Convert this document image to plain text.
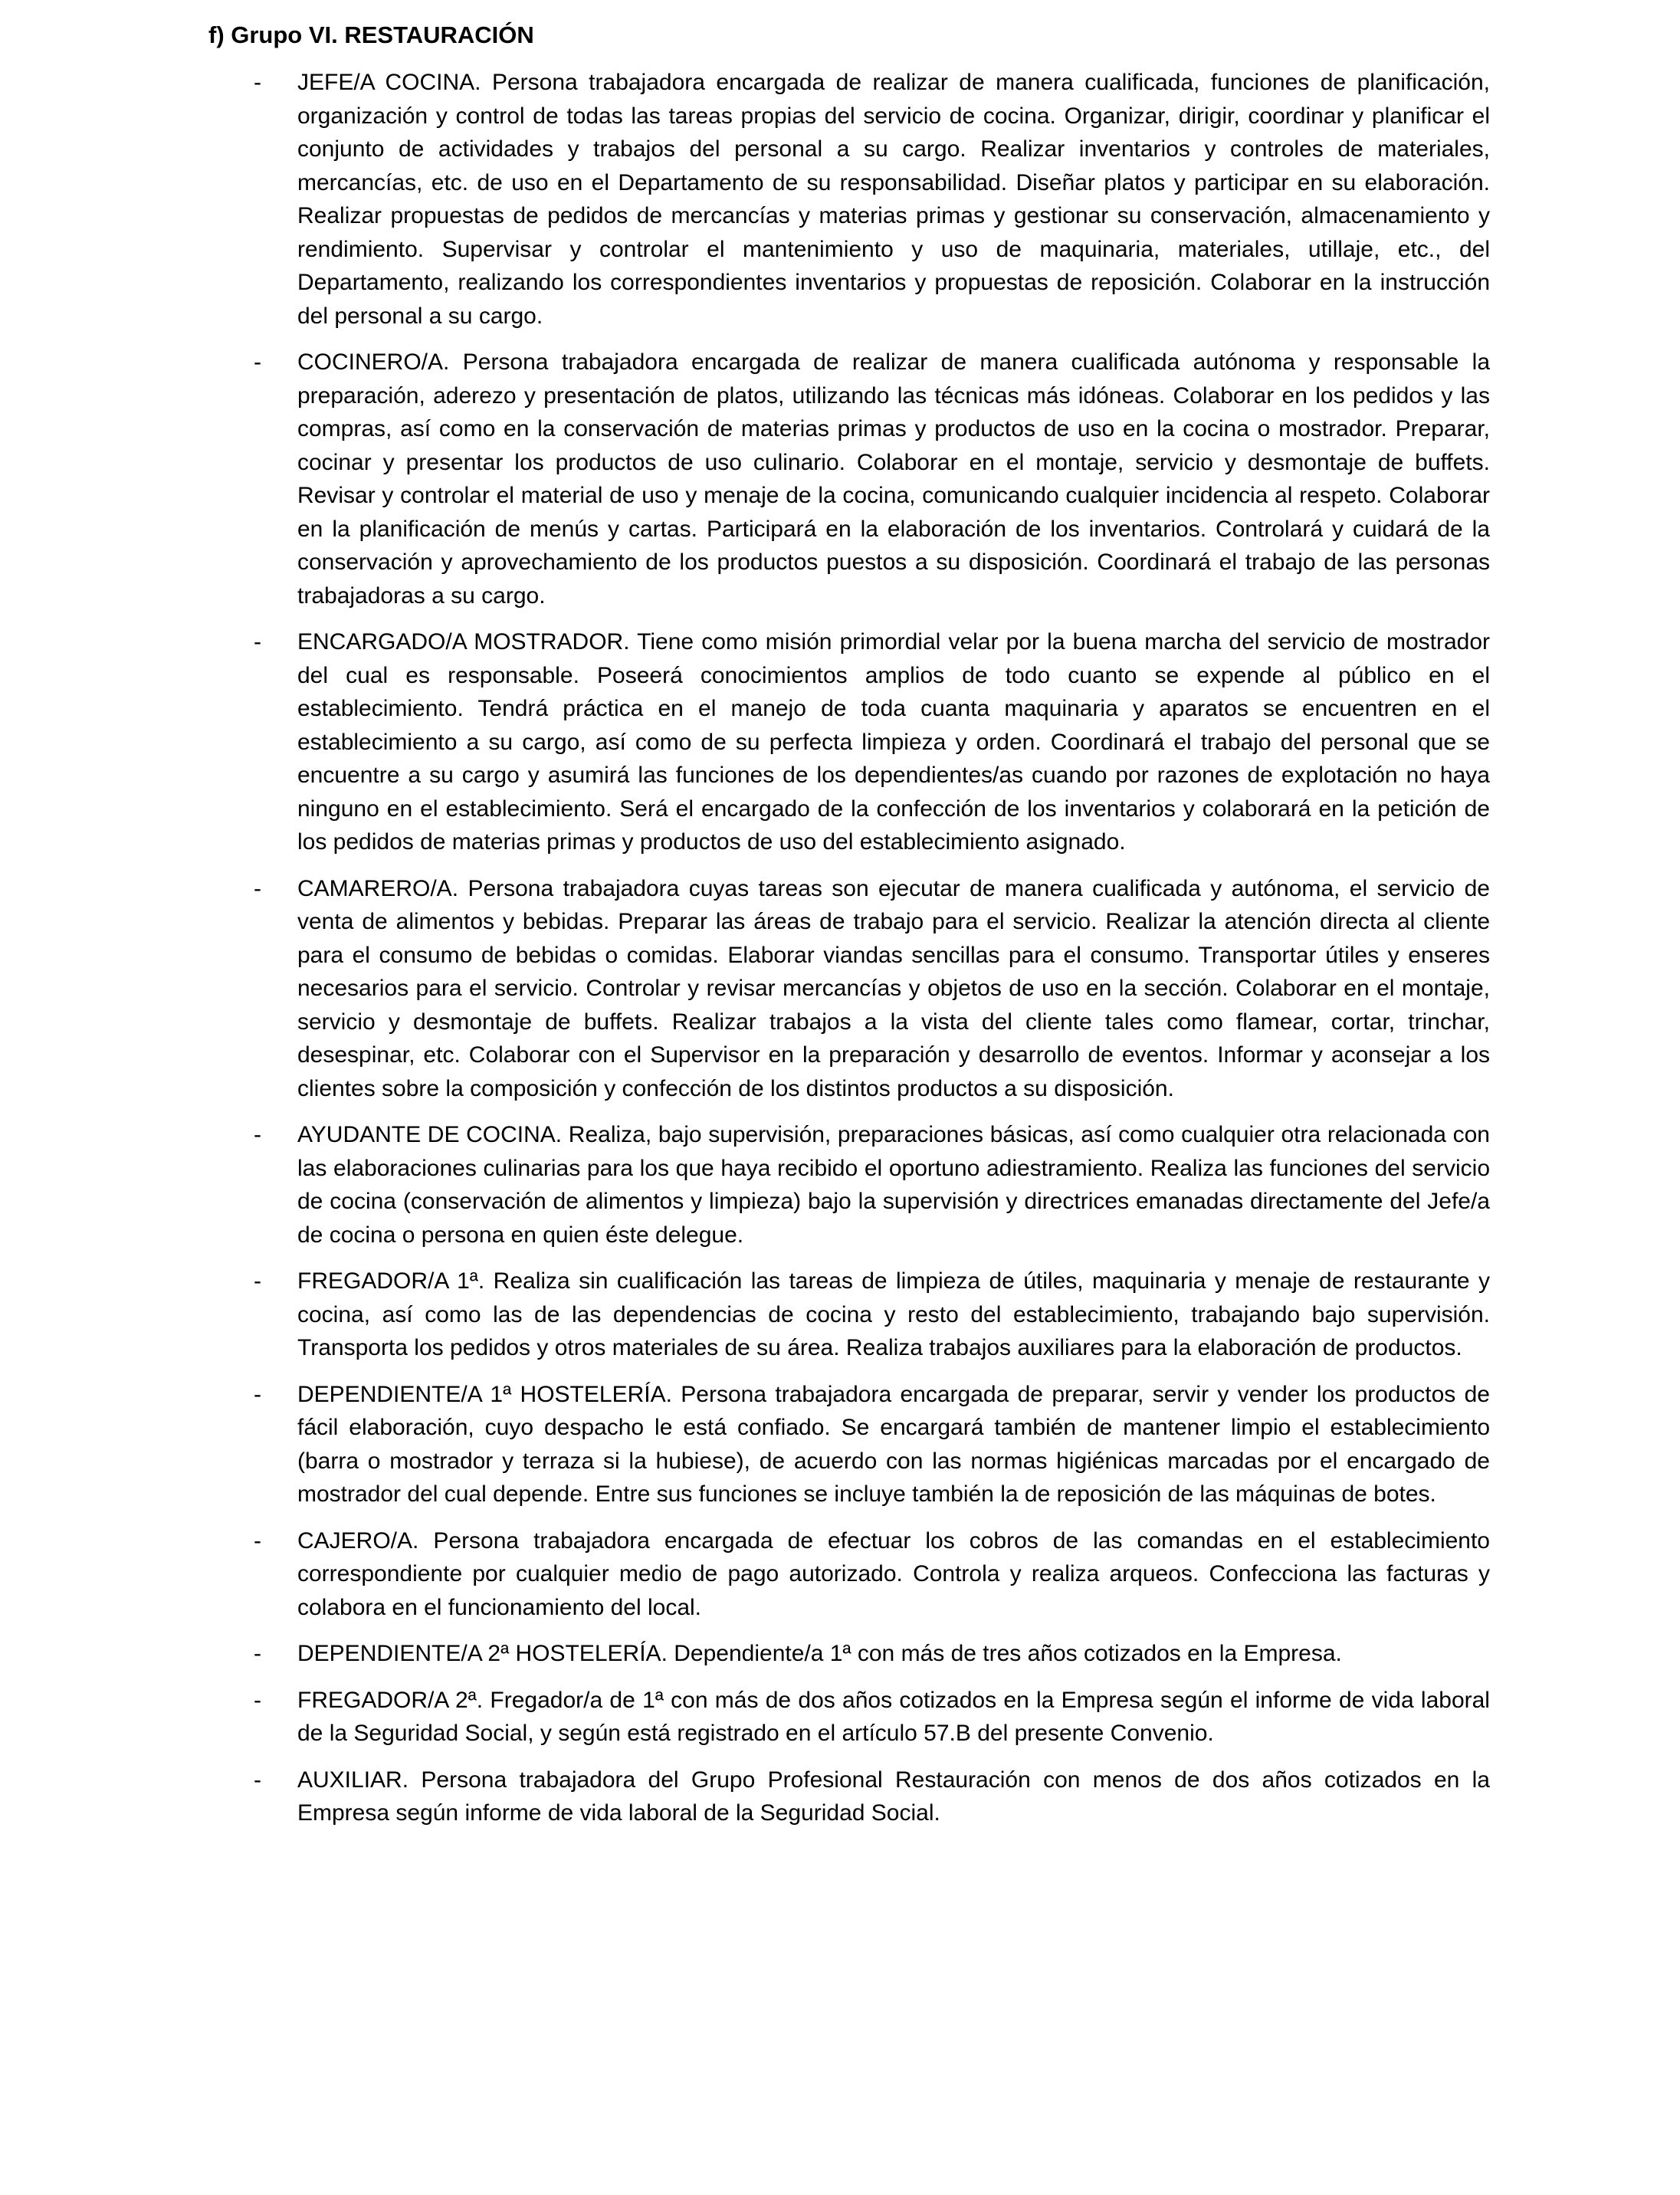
f) Grupo VI. RESTAURACIÓN
-	JEFE/A COCINA. Persona trabajadora encargada de realizar de manera cualificada, funciones de planificación, organización y control de todas las tareas propias del servicio de cocina. Organizar, dirigir, coordinar y planificar el conjunto de actividades y trabajos del personal a su cargo. Realizar inventarios y controles de materiales, mercancías, etc. de uso en el Departamento de su responsabilidad. Diseñar platos y participar en su elaboración. Realizar propuestas de pedidos de mercancías y materias primas y gestionar su conservación, almacenamiento y rendimiento. Supervisar y controlar el mantenimiento y uso de maquinaria, materiales, utillaje, etc., del Departamento, realizando los correspondientes inventarios y propuestas de reposición. Colaborar en la instrucción del personal a su cargo.

-	COCINERO/A. Persona trabajadora encargada de realizar de manera cualificada autónoma y responsable la preparación, aderezo y presentación de platos, utilizando las técnicas más idóneas. Colaborar en los pedidos y las compras, así como en la conservación de materias primas y productos de uso en la cocina o mostrador. Preparar, cocinar y presentar los productos de uso culinario. Colaborar en el montaje, servicio y desmontaje de buffets. Revisar y controlar el material de uso y menaje de la cocina, comunicando cualquier incidencia al respeto. Colaborar en la planificación de menús y cartas. Participará en la elaboración de los inventarios. Controlará y cuidará de la conservación y aprovechamiento de los productos puestos a su disposición. Coordinará el trabajo de las personas trabajadoras a su cargo.

-	ENCARGADO/A MOSTRADOR. Tiene como misión primordial velar por la buena marcha del servicio de mostrador del cual es responsable. Poseerá conocimientos amplios de todo cuanto se expende al público en el establecimiento. Tendrá práctica en el manejo de toda cuanta maquinaria y aparatos se encuentren en el establecimiento a su cargo, así como de su perfecta limpieza y orden. Coordinará el trabajo del personal que se encuentre a su cargo y asumirá las funciones de los dependientes/as cuando por razones de explotación no haya ninguno en el establecimiento. Será el encargado de la confección de los inventarios y colaborará en la petición de los pedidos de materias primas y productos de uso del establecimiento asignado.

-	CAMARERO/A. Persona trabajadora cuyas tareas son ejecutar de manera cualificada y autónoma, el servicio de venta de alimentos y bebidas. Preparar las áreas de trabajo para el servicio. Realizar la atención directa al cliente para el consumo de bebidas o comidas. Elaborar viandas sencillas para el consumo. Transportar útiles y enseres necesarios para el servicio. Controlar y revisar mercancías y objetos de uso en la sección. Colaborar en el montaje, servicio y desmontaje de buffets. Realizar trabajos a la vista del cliente tales como flamear, cortar, trinchar, desespinar, etc. Colaborar con el Supervisor en la preparación y desarrollo de eventos. Informar y aconsejar a los clientes sobre la composición y confección de los distintos productos a su disposición.

-	AYUDANTE DE COCINA. Realiza, bajo supervisión, preparaciones básicas, así como cualquier otra relacionada con las elaboraciones culinarias para los que haya recibido el oportuno adiestramiento. Realiza las funciones del servicio de cocina (conservación de alimentos y limpieza) bajo la supervisión y directrices emanadas directamente del Jefe/a de cocina o persona en quien éste delegue.

-	FREGADOR/A 1ª. Realiza sin cualificación las tareas de limpieza de útiles, maquinaria y menaje de restaurante y cocina, así como las de las dependencias de cocina y resto del establecimiento, trabajando bajo supervisión. Transporta los pedidos y otros materiales de su área. Realiza trabajos auxiliares para la elaboración de productos.

-	DEPENDIENTE/A 1ª HOSTELERÍA. Persona trabajadora encargada de preparar, servir y vender los productos de fácil elaboración, cuyo despacho le está confiado. Se encargará también de mantener limpio el establecimiento (barra o mostrador y terraza si la hubiese), de acuerdo con las normas higiénicas marcadas por el encargado de mostrador del cual depende. Entre sus funciones se incluye también la de reposición de las máquinas de botes.

-	CAJERO/A. Persona trabajadora encargada de efectuar los cobros de las comandas en el establecimiento correspondiente por cualquier medio de pago autorizado. Controla y realiza arqueos. Confecciona las facturas y colabora en el funcionamiento del local.

-	DEPENDIENTE/A 2ª HOSTELERÍA. Dependiente/a 1ª con más de tres años cotizados en la Empresa.

-	FREGADOR/A 2ª. Fregador/a de 1ª con más de dos años cotizados en la Empresa según el informe de vida laboral de la Seguridad Social, y según está registrado en el artículo 57.B del presente Convenio.

-	AUXILIAR. Persona trabajadora del Grupo Profesional Restauración con menos de dos años cotizados en la Empresa según informe de vida laboral de la Seguridad Social.
